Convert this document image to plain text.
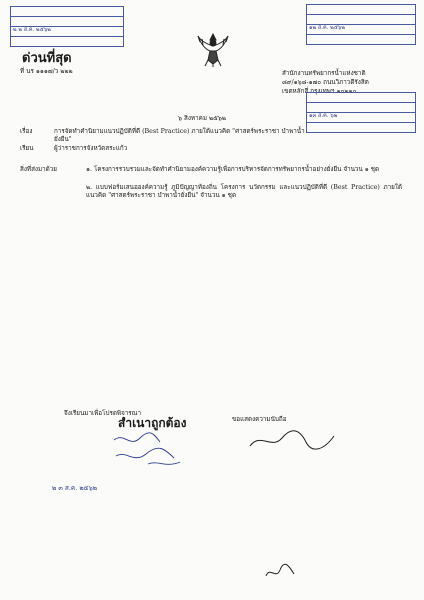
๒ ๒ ส.ค. ๒๕๖๒	๑๒ ส.ค. ๒๕๖๒
ด่วนที่สุด
ที่ นร ๑๑๑๗/ว ๒๒๒	สำนักงานทรัพยากรน้ำแห่งชาติ
๘๙/๑๖๘-๑๗๐ ถนนวิภาวดีรังสิต
เขตหลักสี่ กรุงเทพฯ ๑๐๒๑๐
๑๓ ส.ค. ๖๒
๖ สิงหาคม ๒๕๖๒
เรื่อง	การจัดทำคำนิยามแนวปฏิบัติที่ดี (Best Practice) ภายใต้แนวคิด "ศาสตร์พระราชา บำพาน้ำยั่งยืน"
เรียน	ผู้ว่าราชการจังหวัดสระแก้ว
สิ่งที่ส่งมาด้วย	๑. โครงการรวบรวมและจัดทำคำนิยามองค์ความรู้เพื่อการบริหารจัดการทรัพยากรน้ำอย่างยั่งยืน จำนวน ๑ ชุด
๒. แบบฟอร์มเสนอองค์ความรู้ ภูมิปัญญาท้องถิ่น โครงการ นวัตกรรม และแนวปฏิบัติที่ดี (Best Practice) ภายใต้แนวคิด "ศาสตร์พระราชา บำพาน้ำยั่งยืน" จำนวน ๑ ชุด
จึงเรียนมาเพื่อโปรดพิจารณา
ขอแสดงความนับถือ
สำเนาถูกต้อง
๒ ๓ ส.ค. ๒๕๖๒
